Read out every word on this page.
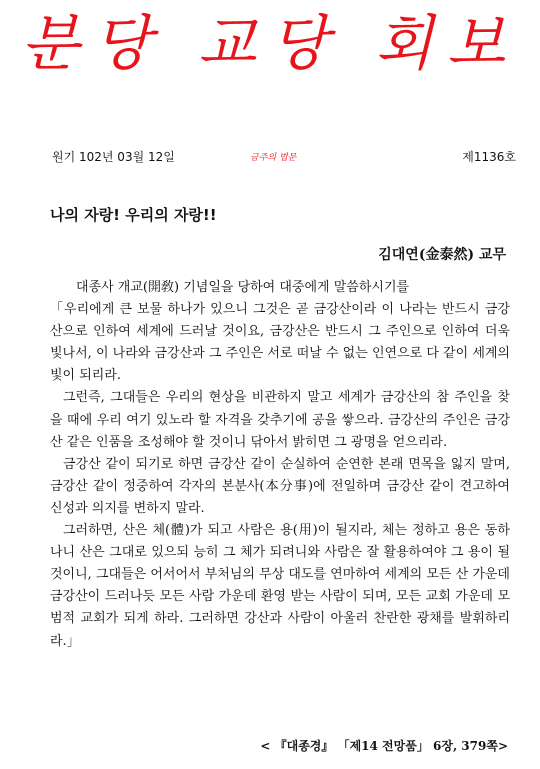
분당 교당 회보
원기 102년 03월 12일	금주의 법문	제1136호
나의 자랑! 우리의 자랑!!
김대연(金泰然) 교무

대종사 개교(開敎) 기념일을 당하여 대중에게 말씀하시기를

「우리에게 큰 보물 하나가 있으니 그것은 곧 금강산이라 이 나라는 반드시 금강산으로 인하여 세계에 드러날 것이요, 금강산은 반드시 그 주인으로 인하여 더욱 빛나서, 이 나라와 금강산과 그 주인은 서로 떠날 수 없는 인연으로 다 같이 세계의 빛이 되리라.

그런즉, 그대들은 우리의 현상을 비관하지 말고 세계가 금강산의 참 주인을 찾을 때에 우리 여기 있노라 할 자격을 갖추기에 공을 쌓으라. 금강산의 주인은 금강산 같은 인품을 조성해야 할 것이니 닦아서 밝히면 그 광명을 얻으리라.

금강산 같이 되기로 하면 금강산 같이 순실하여 순연한 본래 면목을 잃지 말며, 금강산 같이 정중하여 각자의 본분사(本分事)에 전일하며 금강산 같이 견고하여 신성과 의지를 변하지 말라.

그러하면, 산은 체(體)가 되고 사람은 용(用)이 될지라, 체는 정하고 용은 동하나니 산은 그대로 있으되 능히 그 체가 되려니와 사람은 잘 활용하여야 그 용이 될 것이니, 그대들은 어서어서 부처님의 무상 대도를 연마하여 세계의 모든 산 가운데 금강산이 드러나듯 모든 사람 가운데 환영 받는 사람이 되며, 모든 교회 가운데 모범적 교회가 되게 하라. 그러하면 강산과 사람이 아울러 찬란한 광채를 발휘하리라.」

< 『대종경』 「제14 전망품」 6장, 379쪽>
